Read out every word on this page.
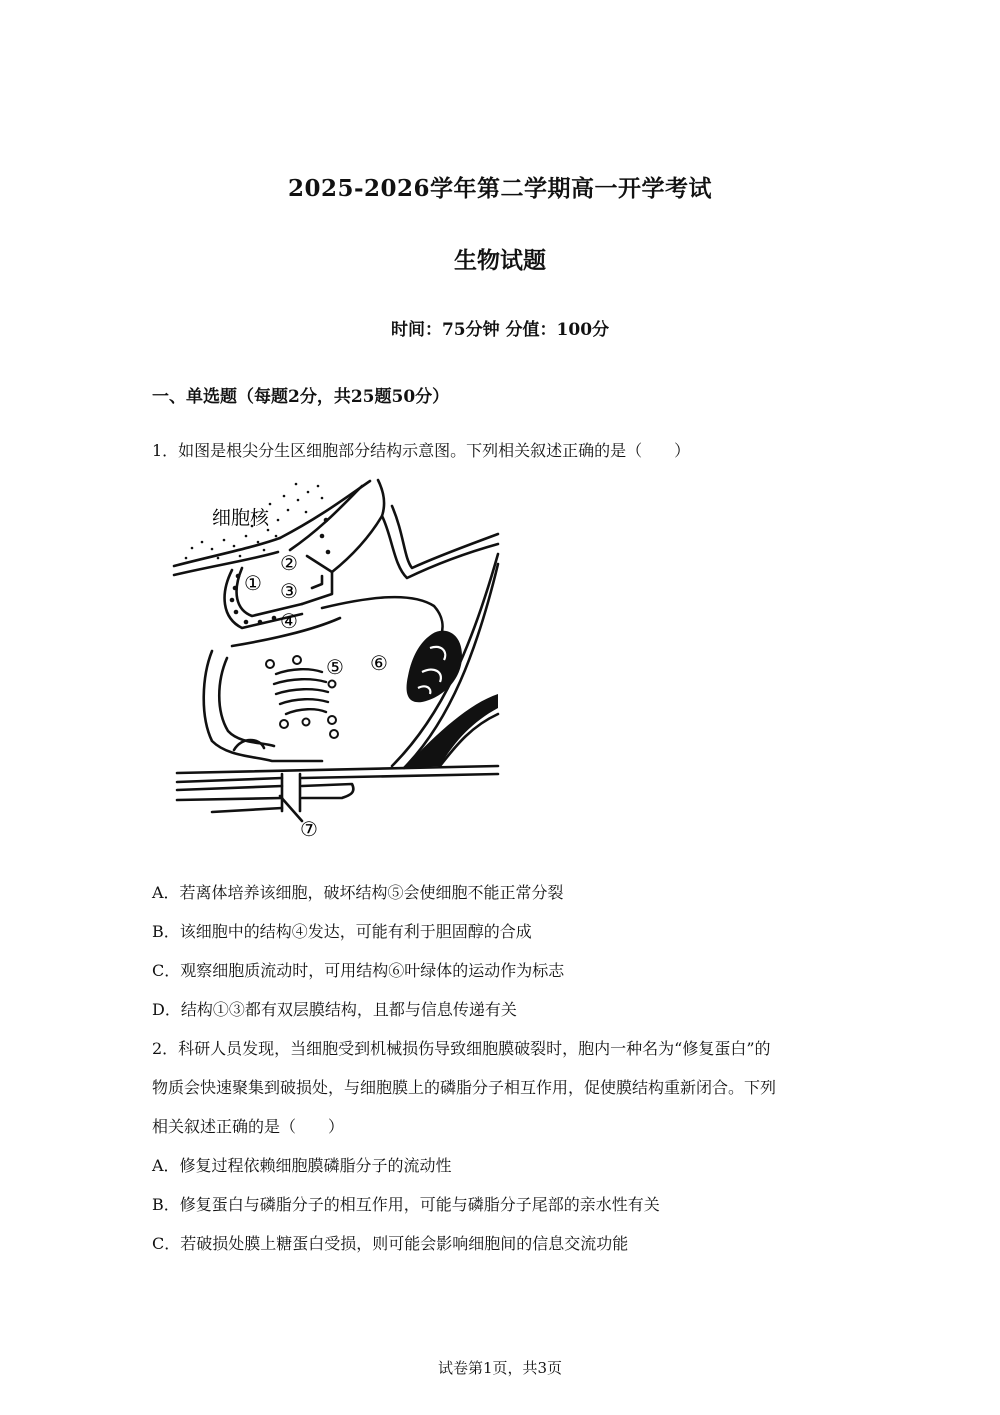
2025-2026学年第二学期高一开学考试
生物试题
时间：75分钟 分值：100分
一、单选题（每题2分，共25题50分）
1．如图是根尖分生区细胞部分结构示意图。下列相关叙述正确的是（　　）
细胞核
①
②
③
④
⑤ ⑥
⑦
A．若离体培养该细胞，破坏结构⑤会使细胞不能正常分裂
B．该细胞中的结构④发达，可能有利于胆固醇的合成
C．观察细胞质流动时，可用结构⑥叶绿体的运动作为标志
D．结构①③都有双层膜结构，且都与信息传递有关
2．科研人员发现，当细胞受到机械损伤导致细胞膜破裂时，胞内一种名为“修复蛋白”的
物质会快速聚集到破损处，与细胞膜上的磷脂分子相互作用，促使膜结构重新闭合。下列
相关叙述正确的是（　　）
A．修复过程依赖细胞膜磷脂分子的流动性
B．修复蛋白与磷脂分子的相互作用，可能与磷脂分子尾部的亲水性有关
C．若破损处膜上糖蛋白受损，则可能会影响细胞间的信息交流功能
试卷第1页，共3页
